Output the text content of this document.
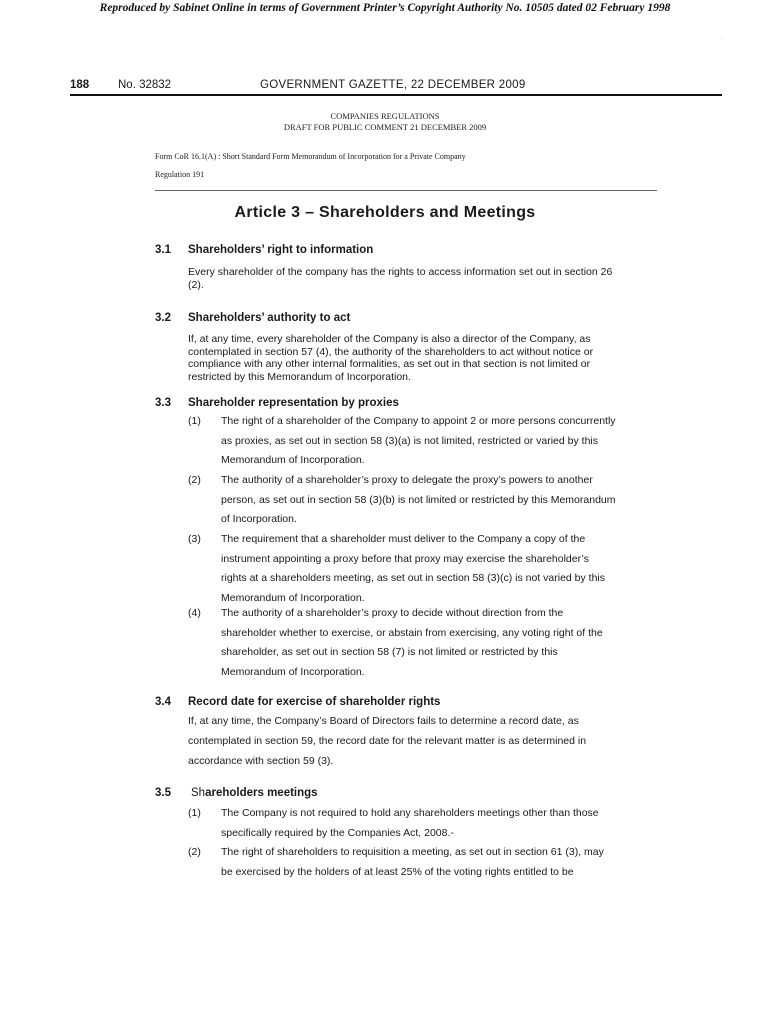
Reproduced by Sabinet Online in terms of Government Printer’s Copyright Authority No. 10505 dated 02 February 1998
·
188	No. 32832	GOVERNMENT GAZETTE, 22 DECEMBER 2009
COMPANIES REGULATIONS
DRAFT FOR PUBLIC COMMENT 21 DECEMBER 2009
Form CoR 16.1(A) : Short Standard Form Memorandum of Incorporation for a Private Company
Regulation 191
Article 3 – Shareholders and Meetings
3.1 Shareholders’ right to information
Every shareholder of the company has the rights to access information set out in section 26
(2).
3.2 Shareholders’ authority to act
If, at any time, every shareholder of the Company is also a director of the Company, as
contemplated in section 57 (4), the authority of the shareholders to act without notice or
compliance with any other internal formalities, as set out in that section is not limited or
restricted by this Memorandum of Incorporation.
3.3 Shareholder representation by proxies
(1) The right of a shareholder of the Company to appoint 2 or more persons concurrently
as proxies, as set out in section 58 (3)(a) is not limited, restricted or varied by this
Memorandum of Incorporation.
(2) The authority of a shareholder’s proxy to delegate the proxy’s powers to another
person, as set out in section 58 (3)(b) is not limited or restricted by this Memorandum
of Incorporation.
(3) The requirement that a shareholder must deliver to the Company a copy of the
instrument appointing a proxy before that proxy may exercise the shareholder’s
rights at a shareholders meeting, as set out in section 58 (3)(c) is not varied by this
Memorandum of Incorporation.
(4) The authority of a shareholder’s proxy to decide without direction from the
shareholder whether to exercise, or abstain from exercising, any voting right of the
shareholder, as set out in section 58 (7) is not limited or restricted by this
Memorandum of Incorporation.
3.4 Record date for exercise of shareholder rights
If, at any time, the Company’s Board of Directors fails to determine a record date, as
contemplated in section 59, the record date for the relevant matter is as determined in
accordance with section 59 (3).
3.5 Shareholders meetings
(1) The Company is not required to hold any shareholders meetings other than those
specifically required by the Companies Act, 2008.-
(2) The right of shareholders to requisition a meeting, as set out in section 61 (3), may
be exercised by the holders of at least 25% of the voting rights entitled to be
